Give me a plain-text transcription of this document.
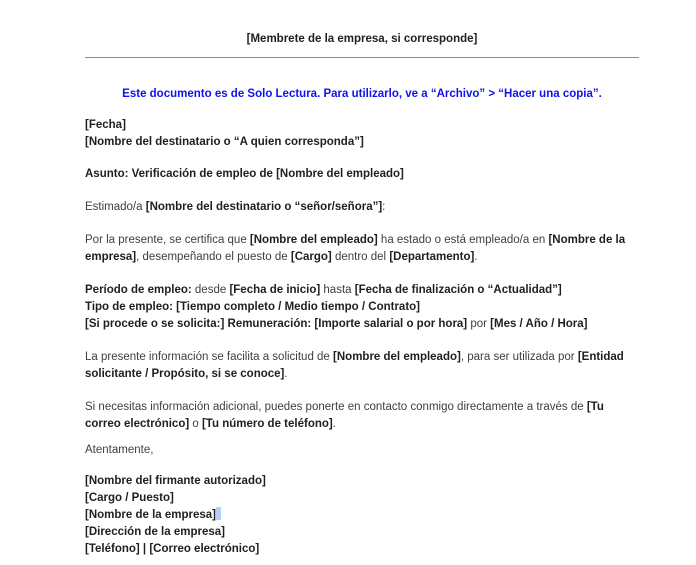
[Membrete de la empresa, si corresponde]
Este documento es de Solo Lectura. Para utilizarlo, ve a “Archivo” > “Hacer una copia”.

[Fecha]
[Nombre del destinatario o “A quien corresponda”]

Asunto: Verificación de empleo de [Nombre del empleado]

Estimado/a [Nombre del destinatario o “señor/señora”]:

Por la presente, se certifica que [Nombre del empleado] ha estado o está empleado/a en [Nombre de la empresa], desempeñando el puesto de [Cargo] dentro del [Departamento].

Período de empleo: desde [Fecha de inicio] hasta [Fecha de finalización o “Actualidad”]
Tipo de empleo: [Tiempo completo / Medio tiempo / Contrato]
[Si procede o se solicita:] Remuneración: [Importe salarial o por hora] por [Mes / Año / Hora]

La presente información se facilita a solicitud de [Nombre del empleado], para ser utilizada por [Entidad solicitante / Propósito, si se conoce].

Si necesitas información adicional, puedes ponerte en contacto conmigo directamente a través de [Tu correo electrónico] o [Tu número de teléfono].

Atentamente,

[Nombre del firmante autorizado]
[Cargo / Puesto]
[Nombre de la empresa]
[Dirección de la empresa]
[Teléfono] | [Correo electrónico]
